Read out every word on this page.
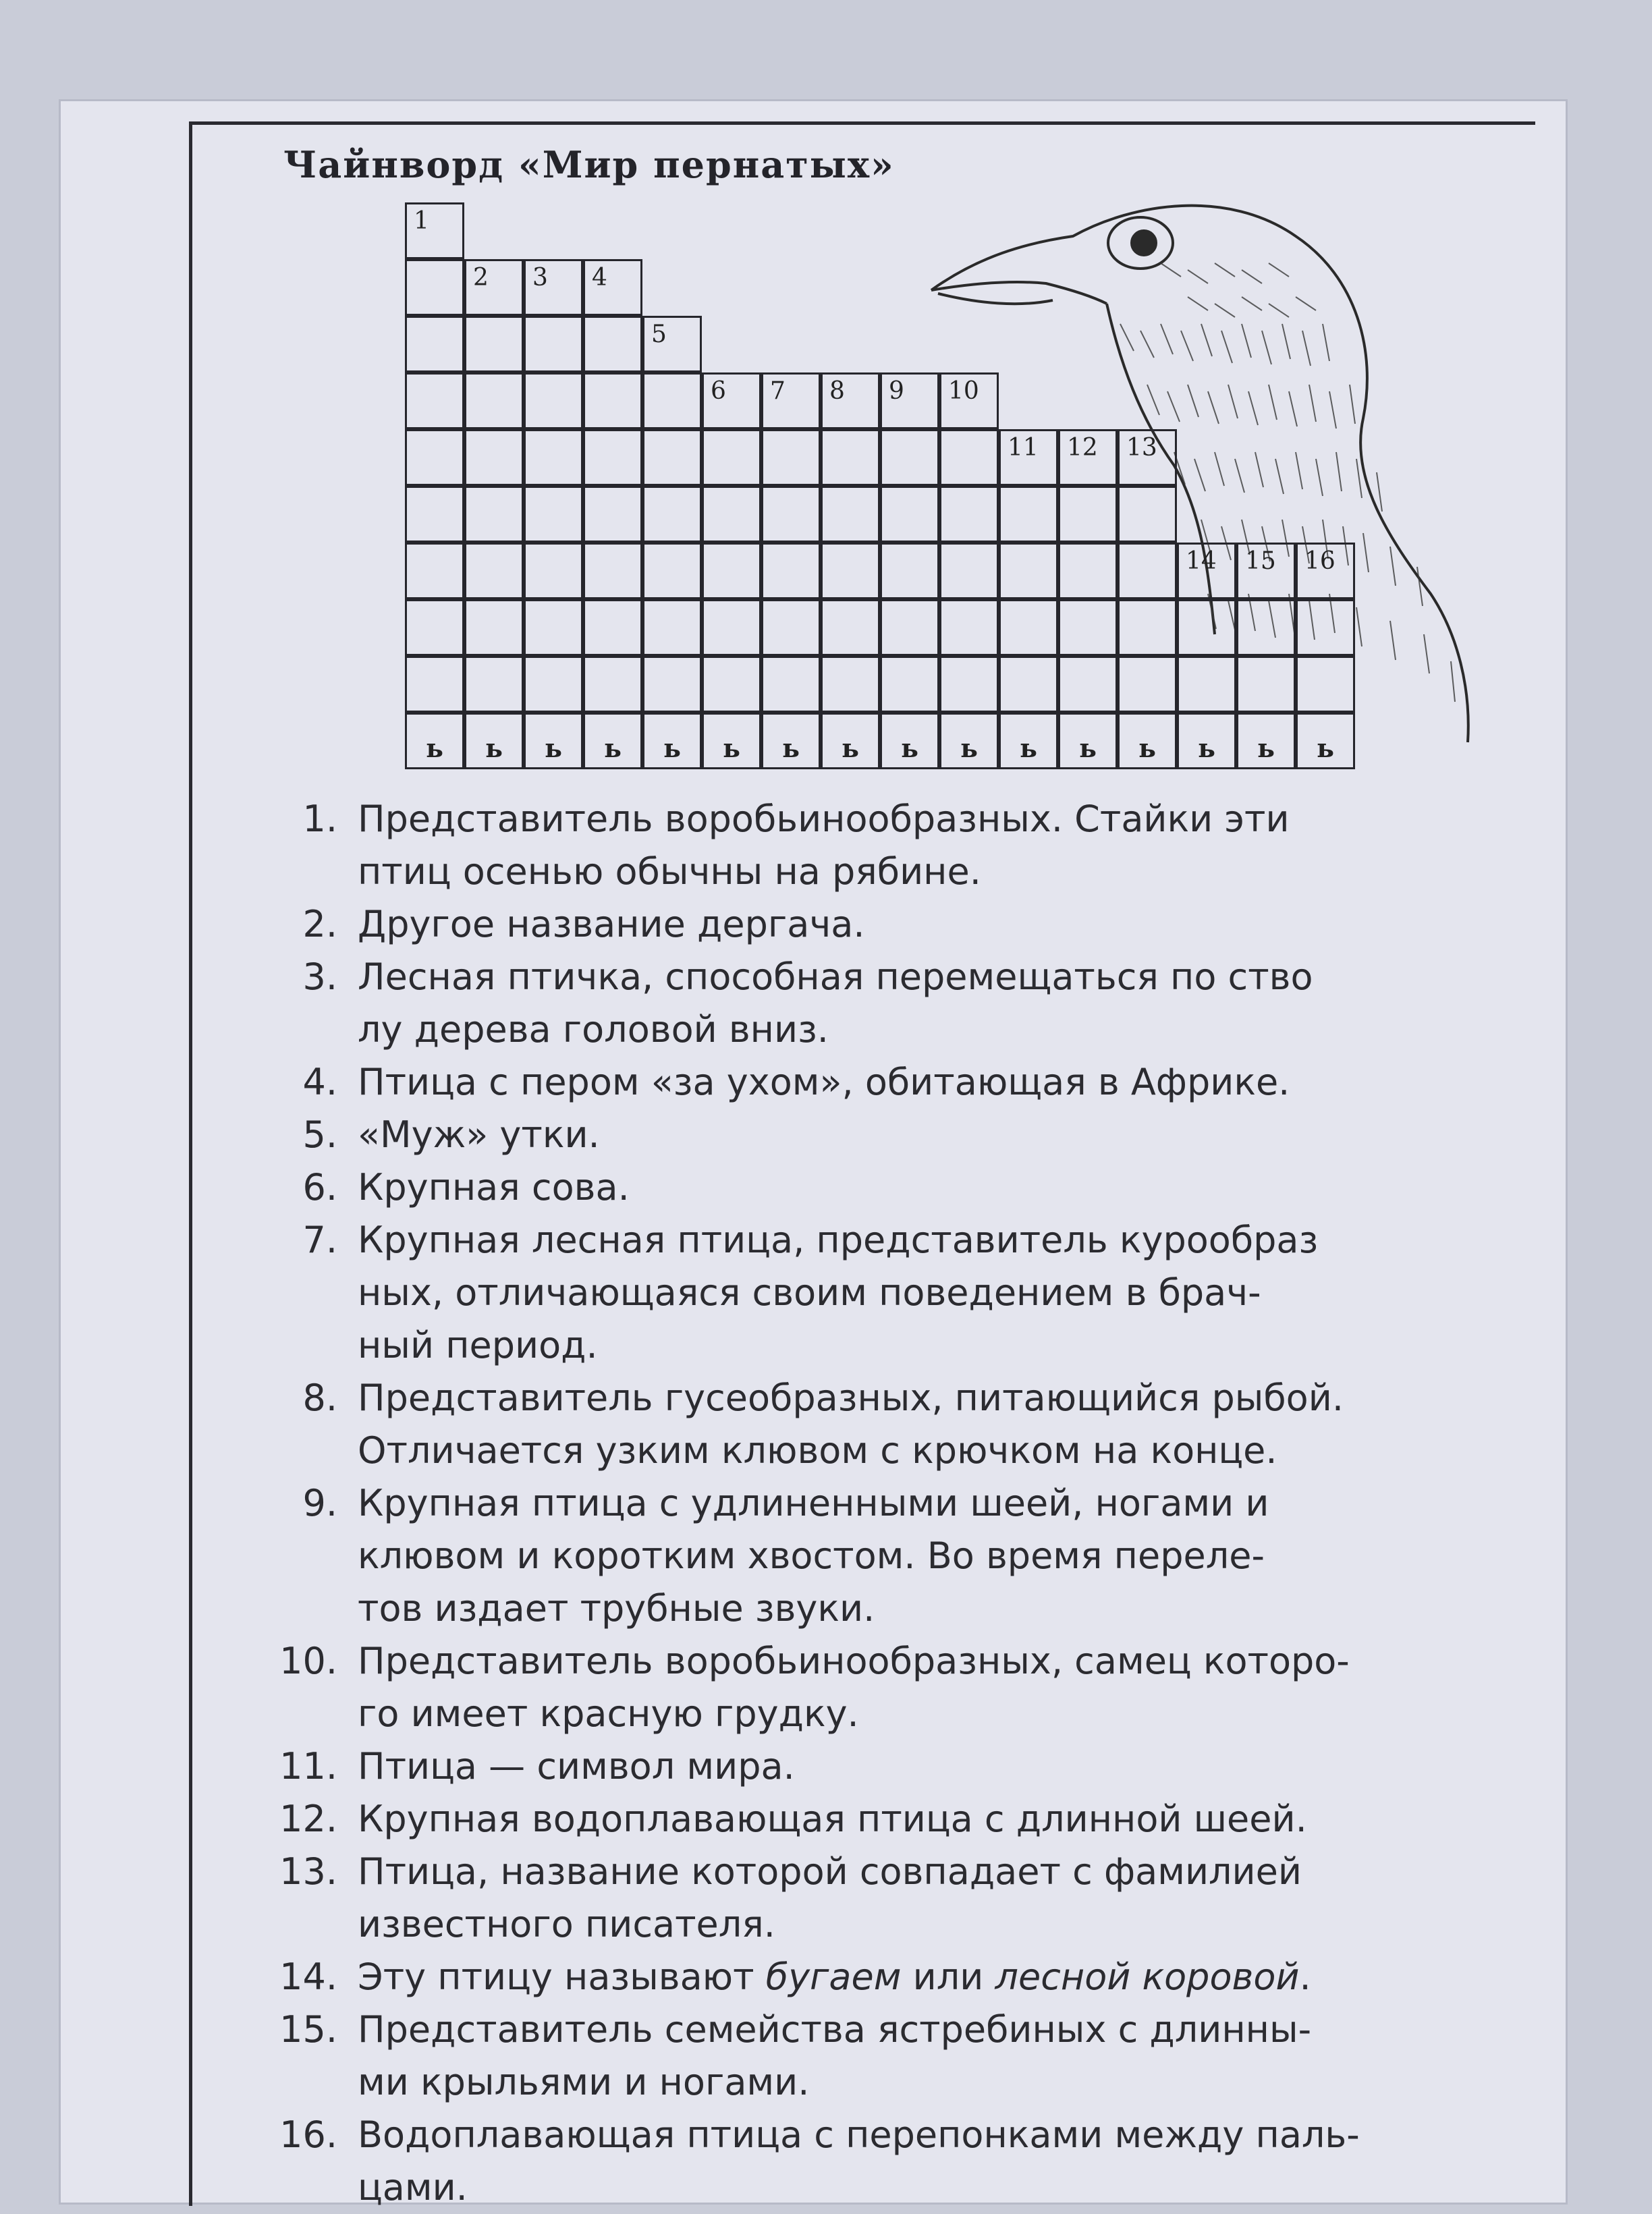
Чайнворд «Мир пернатых»
1
ь
2
ь
3
ь
4
ь
5
ь
6
ь
7
ь
8
ь
9
ь
10
ь
11
ь
12
ь
13
ь
14
ь
15
ь
16
ь
1. Представитель воробьинообразных. Стайки эти
птиц осенью обычны на рябине.
2. Другое название дергача.
3. Лесная птичка, способная перемещаться по ство
лу дерева головой вниз.
4. Птица с пером «за ухом», обитающая в Африке.
5. «Муж» утки.
6. Крупная сова.
7. Крупная лесная птица, представитель курообраз
ных, отличающаяся своим поведением в брач-
ный период.
8. Представитель гусеобразных, питающийся рыбой.
Отличается узким клювом с крючком на конце.
9. Крупная птица с удлиненными шеей, ногами и
клювом и коротким хвостом. Во время переле-
тов издает трубные звуки.
10. Представитель воробьинообразных, самец которо-
го имеет красную грудку.
11. Птица — символ мира.
12. Крупная водоплавающая птица с длинной шеей.
13. Птица, название которой совпадает с фамилией
известного писателя.
14. Эту птицу называют бугаем или лесной коровой.
15. Представитель семейства ястребиных с длинны-
ми крыльями и ногами.
16. Водоплавающая птица с перепонками между паль-
цами.
